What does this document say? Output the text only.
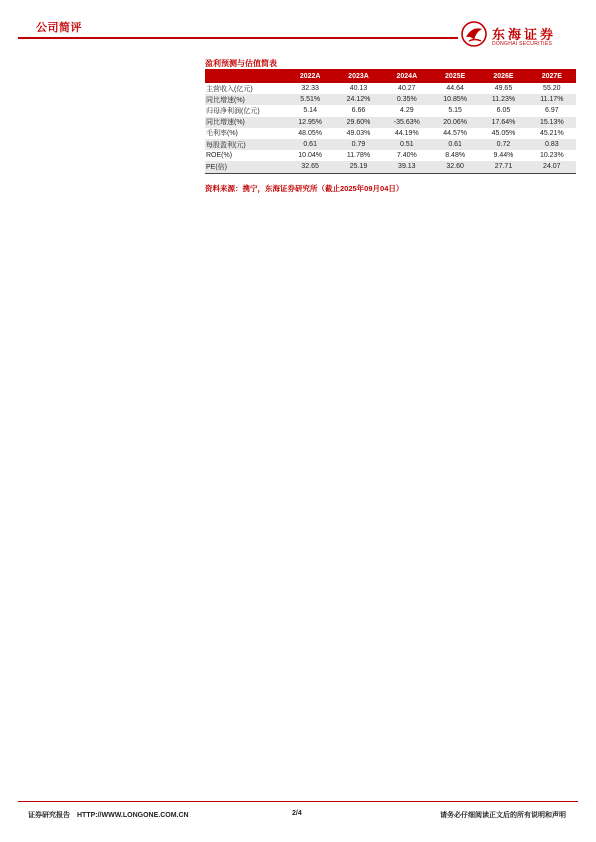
公司简评	东海证券
DONGHAI SECURITIES
盈利预测与估值简表
	2022A	2023A	2024A	2025E	2026E	2027E
主营收入(亿元)	32.33	40.13	40.27	44.64	49.65	55.20
同比增速(%)	5.51%	24.12%	0.35%	10.85%	11.23%	11.17%
归母净利润(亿元)	5.14	6.66	4.29	5.15	6.05	6.97
同比增速(%)	12.95%	29.60%	-35.63%	20.06%	17.64%	15.13%
毛利率(%)	48.05%	49.03%	44.19%	44.57%	45.05%	45.21%
每股盈利(元)	0.61	0.79	0.51	0.61	0.72	0.83
ROE(%)	10.04%	11.78%	7.40%	8.48%	9.44%	10.23%
PE(倍)	32.65	25.19	39.13	32.60	27.71	24.07
资料来源：携宁，东海证券研究所（截止2025年09月04日）
证券研究报告　HTTP://WWW.LONGONE.COM.CN	2/4	请务必仔细阅读正文后的所有说明和声明
